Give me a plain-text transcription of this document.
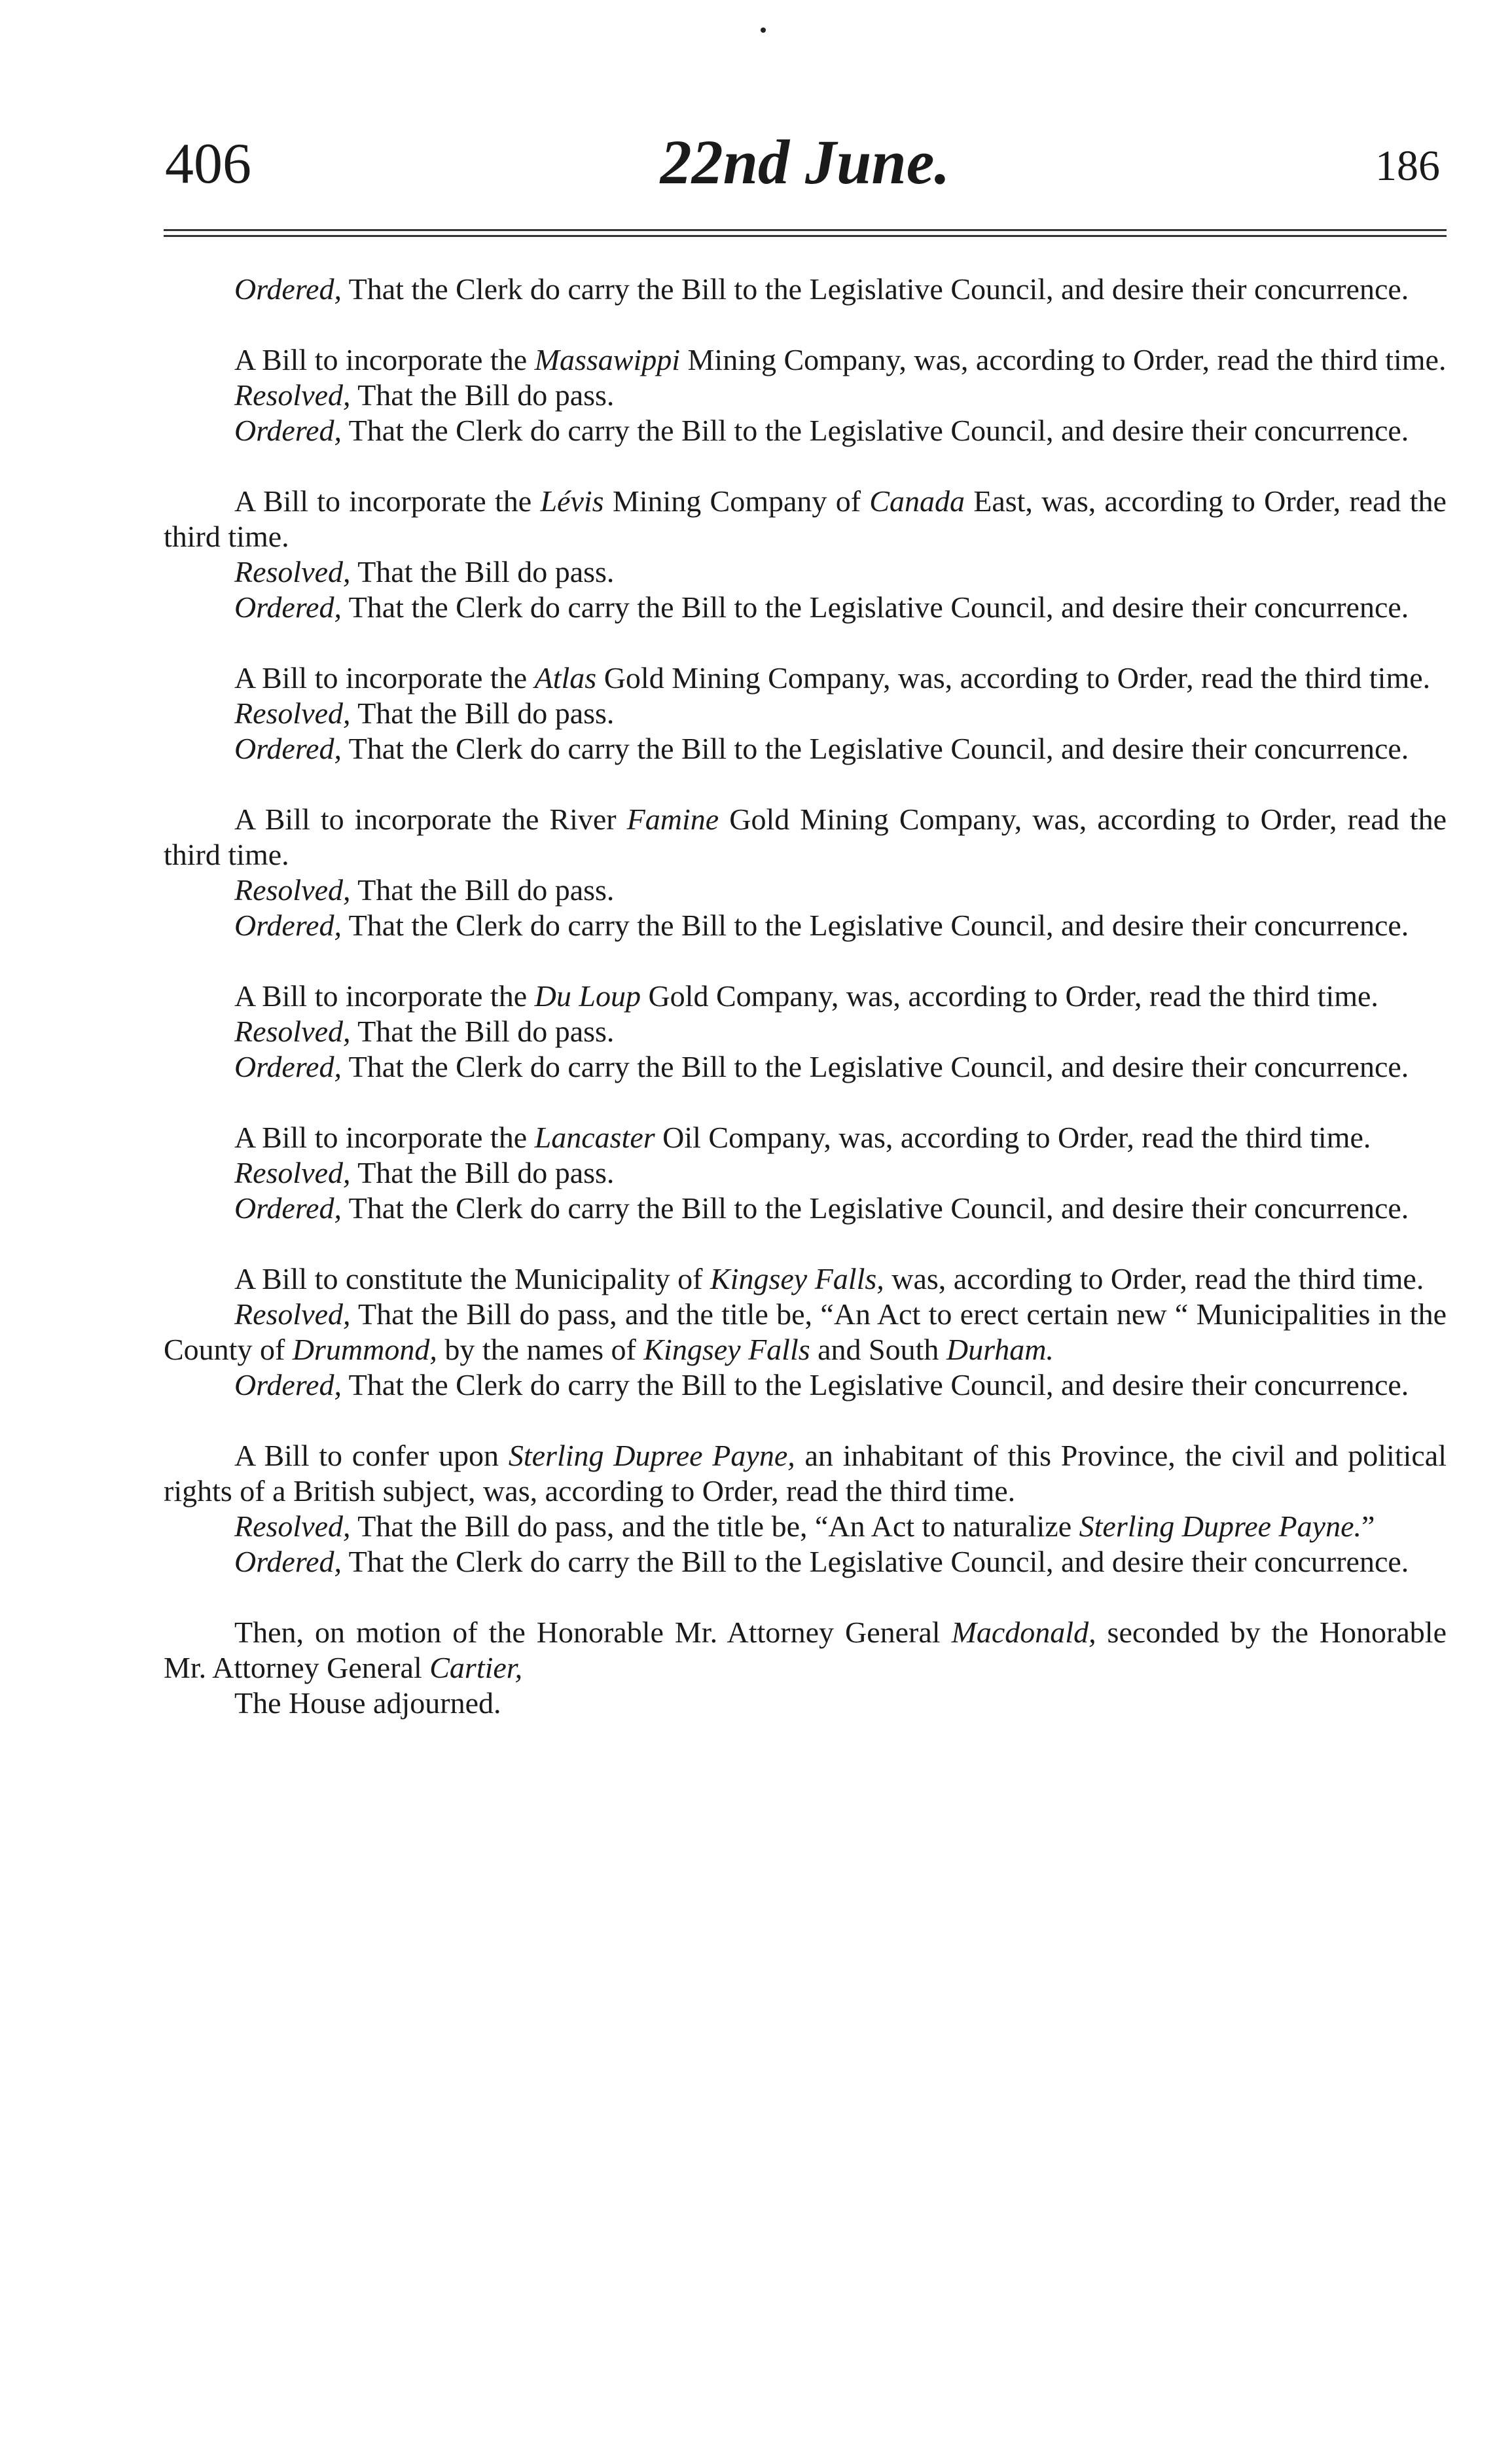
406	22nd June.	186

Ordered, That the Clerk do carry the Bill to the Legislative Council, and desire their concurrence.

A Bill to incorporate the Massawippi Mining Company, was, according to Order, read the third time.

Resolved, That the Bill do pass.

Ordered, That the Clerk do carry the Bill to the Legislative Council, and desire their concurrence.

A Bill to incorporate the Lévis Mining Company of Canada East, was, according to Order, read the third time.

Resolved, That the Bill do pass.

Ordered, That the Clerk do carry the Bill to the Legislative Council, and desire their concurrence.

A Bill to incorporate the Atlas Gold Mining Company, was, according to Order, read the third time.

Resolved, That the Bill do pass.

Ordered, That the Clerk do carry the Bill to the Legislative Council, and desire their concurrence.

A Bill to incorporate the River Famine Gold Mining Company, was, according to Order, read the third time.

Resolved, That the Bill do pass.

Ordered, That the Clerk do carry the Bill to the Legislative Council, and desire their concurrence.

A Bill to incorporate the Du Loup Gold Company, was, according to Order, read the third time.

Resolved, That the Bill do pass.

Ordered, That the Clerk do carry the Bill to the Legislative Council, and desire their concurrence.

A Bill to incorporate the Lancaster Oil Company, was, according to Order, read the third time.

Resolved, That the Bill do pass.

Ordered, That the Clerk do carry the Bill to the Legislative Council, and desire their concurrence.

A Bill to constitute the Municipality of Kingsey Falls, was, according to Order, read the third time.

Resolved, That the Bill do pass, and the title be, “An Act to erect certain new “ Municipalities in the County of Drummond, by the names of Kingsey Falls and South Durham.

Ordered, That the Clerk do carry the Bill to the Legislative Council, and desire their concurrence.

A Bill to confer upon Sterling Dupree Payne, an inhabitant of this Province, the civil and political rights of a British subject, was, according to Order, read the third time.

Resolved, That the Bill do pass, and the title be, “An Act to naturalize Sterling Dupree Payne.”

Ordered, That the Clerk do carry the Bill to the Legislative Council, and desire their concurrence.

Then, on motion of the Honorable Mr. Attorney General Macdonald, seconded by the Honorable Mr. Attorney General Cartier,

The House adjourned.
